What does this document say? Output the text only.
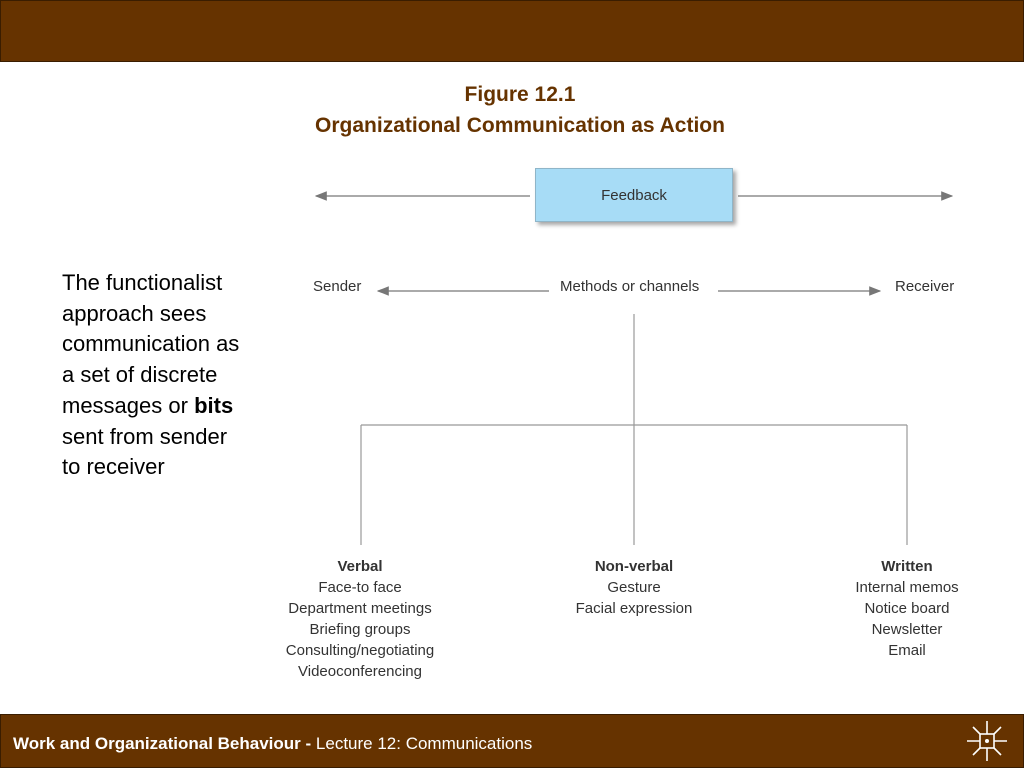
Figure 12.1
Organizational Communication as Action
The functionalist approach sees communication as a set of discrete messages or bits sent from sender to receiver
Feedback
Sender	Methods or channels	Receiver
Verbal
Face-to face
Department meetings
Briefing groups
Consulting/negotiating
Videoconferencing
Non-verbal
Gesture
Facial expression
Written
Internal memos
Notice board
Newsletter
Email
Work and Organizational Behaviour - Lecture 12: Communications
